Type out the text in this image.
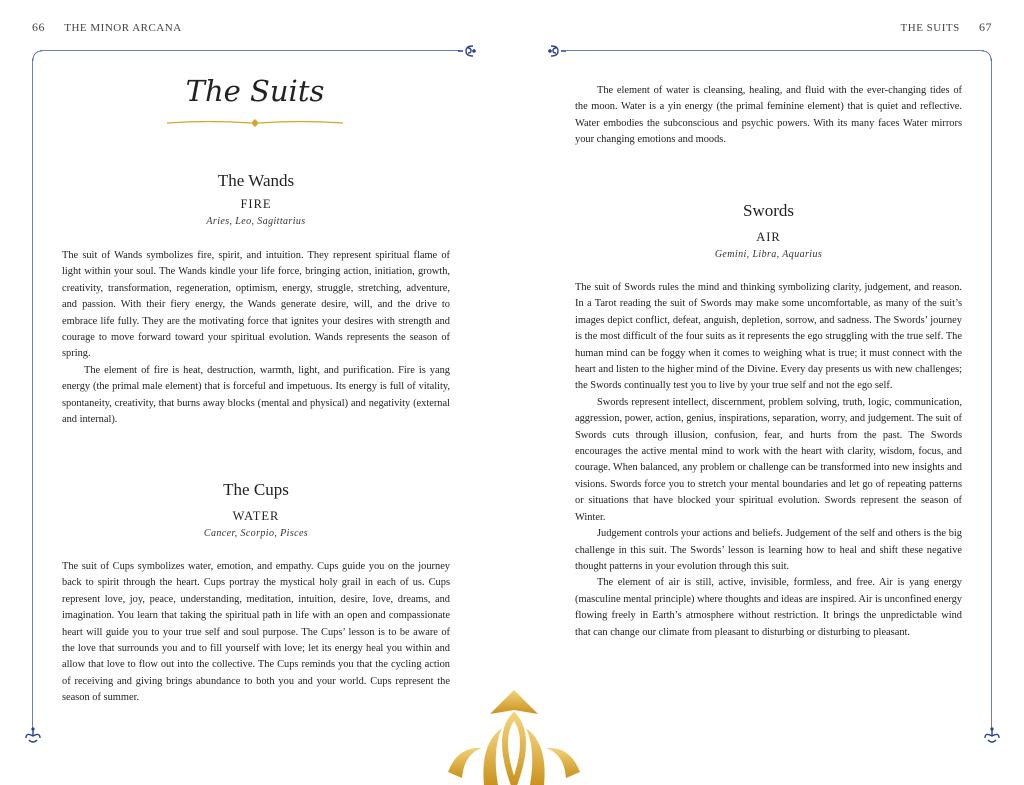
66 THE MINOR ARCANA	THE SUITS 67
The Suits
The Wands
FIRE
Aries, Leo, Sagittarius

The suit of Wands symbolizes fire, spirit, and intuition. They represent spiritual flame of light within your soul. The Wands kindle your life force, bringing action, initiation, growth, creativity, transformation, regeneration, optimism, energy, struggle, stretching, adventure, and passion. With their fiery energy, the Wands generate desire, will, and the drive to embrace life fully. They are the motivating force that ignites your desires with strength and courage to move forward toward your spiritual evolution. Wands represents the season of spring.

The element of fire is heat, destruction, warmth, light, and purification. Fire is yang energy (the primal male element) that is forceful and impetuous. Its energy is full of vitality, spontaneity, creativity, that burns away blocks (mental and physical) and negativity (external and internal).

The Cups
WATER
Cancer, Scorpio, Pisces

The suit of Cups symbolizes water, emotion, and empathy. Cups guide you on the journey back to spirit through the heart. Cups portray the mystical holy grail in each of us. Cups represent love, joy, peace, understanding, meditation, intuition, desire, love, dreams, and imagination. You learn that taking the spiritual path in life with an open and compassionate heart will guide you to your true self and soul purpose. The Cups’ lesson is to be aware of the love that surrounds you and to fill yourself with love; let its energy heal you within and allow that love to flow out into the collective. The Cups reminds you that the cycling action of receiving and giving brings abundance to both you and your world. Cups represent the season of summer.

The element of water is cleansing, healing, and fluid with the ever-changing tides of the moon. Water is a yin energy (the primal feminine element) that is quiet and reflective. Water embodies the subconscious and psychic powers. With its many faces Water mirrors your changing emotions and moods.

Swords
AIR
Gemini, Libra, Aquarius

The suit of Swords rules the mind and thinking symbolizing clarity, judgement, and reason. In a Tarot reading the suit of Swords may make some uncomfortable, as many of the suit’s images depict conflict, defeat, anguish, depletion, sorrow, and sadness. The Swords’ journey is the most difficult of the four suits as it represents the ego struggling with the true self. The human mind can be foggy when it comes to weighing what is true; it must connect with the heart and listen to the higher mind of the Divine. Every day presents us with new challenges; the Swords continually test you to live by your true self and not the ego self.

Swords represent intellect, discernment, problem solving, truth, logic, communication, aggression, power, action, genius, inspirations, separation, worry, and judgement. The suit of Swords cuts through illusion, confusion, fear, and hurts from the past. The Swords encourages the active mental mind to work with the heart with clarity, wisdom, focus, and courage. When balanced, any problem or challenge can be transformed into new insights and visions. Swords force you to stretch your mental boundaries and let go of repeating patterns or situations that have blocked your spiritual evolution. Swords represent the season of Winter.

Judgement controls your actions and beliefs. Judgement of the self and others is the big challenge in this suit. The Swords’ lesson is learning how to heal and shift these negative thought patterns in your evolution through this suit.

The element of air is still, active, invisible, formless, and free. Air is yang energy (masculine mental principle) where thoughts and ideas are inspired. Air is unconfined energy flowing freely in Earth’s atmosphere without restriction. It brings the unpredictable wind that can change our climate from pleasant to disturbing or disturbing to pleasant.
